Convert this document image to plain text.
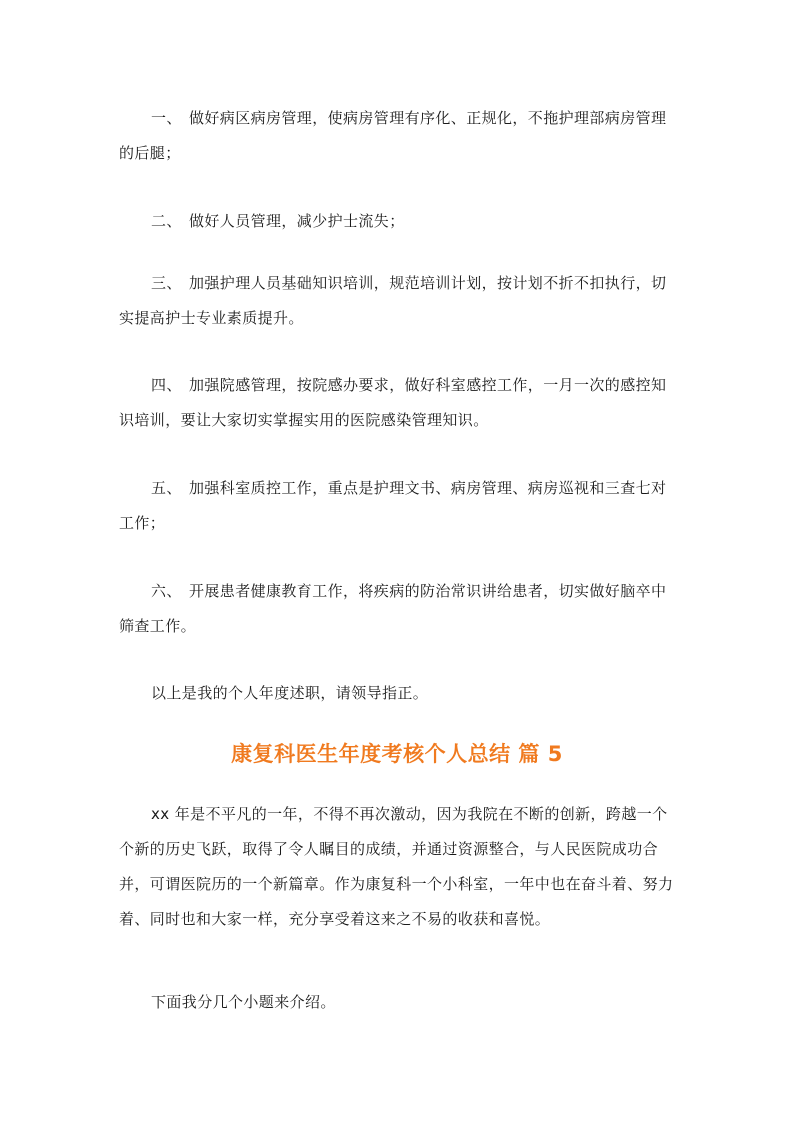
一、 做好病区病房管理，使病房管理有序化、正规化，不拖护理部病房管理的后腿；

二、 做好人员管理，减少护士流失；

三、 加强护理人员基础知识培训，规范培训计划，按计划不折不扣执行，切实提高护士专业素质提升。

四、 加强院感管理，按院感办要求，做好科室感控工作，一月一次的感控知识培训，要让大家切实掌握实用的医院感染管理知识。

五、 加强科室质控工作，重点是护理文书、病房管理、病房巡视和三查七对工作；

六、 开展患者健康教育工作，将疾病的防治常识讲给患者，切实做好脑卒中筛查工作。

以上是我的个人年度述职，请领导指正。

康复科医生年度考核个人总结 篇 5

xx 年是不平凡的一年，不得不再次激动，因为我院在不断的创新，跨越一个个新的历史飞跃，取得了令人瞩目的成绩，并通过资源整合，与人民医院成功合并，可谓医院历的一个新篇章。作为康复科一个小科室，一年中也在奋斗着、努力着、同时也和大家一样，充分享受着这来之不易的收获和喜悦。

下面我分几个小题来介绍。
